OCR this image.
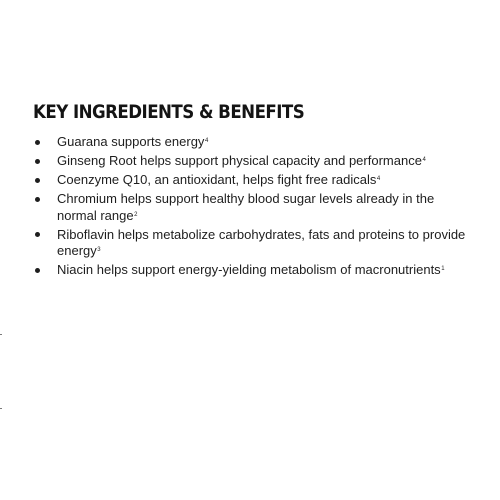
KEY INGREDIENTS & BENEFITS
Guarana supports energy$^4$
Ginseng Root helps support physical capacity and performance$^4$
Coenzyme Q10, an antioxidant, helps fight free radicals$^4$
Chromium helps support healthy blood sugar levels already in the normal range$^2$
Riboflavin helps metabolize carbohydrates, fats and proteins to provide energy$^3$
Niacin helps support energy-yielding metabolism of macronutrients$^1$
